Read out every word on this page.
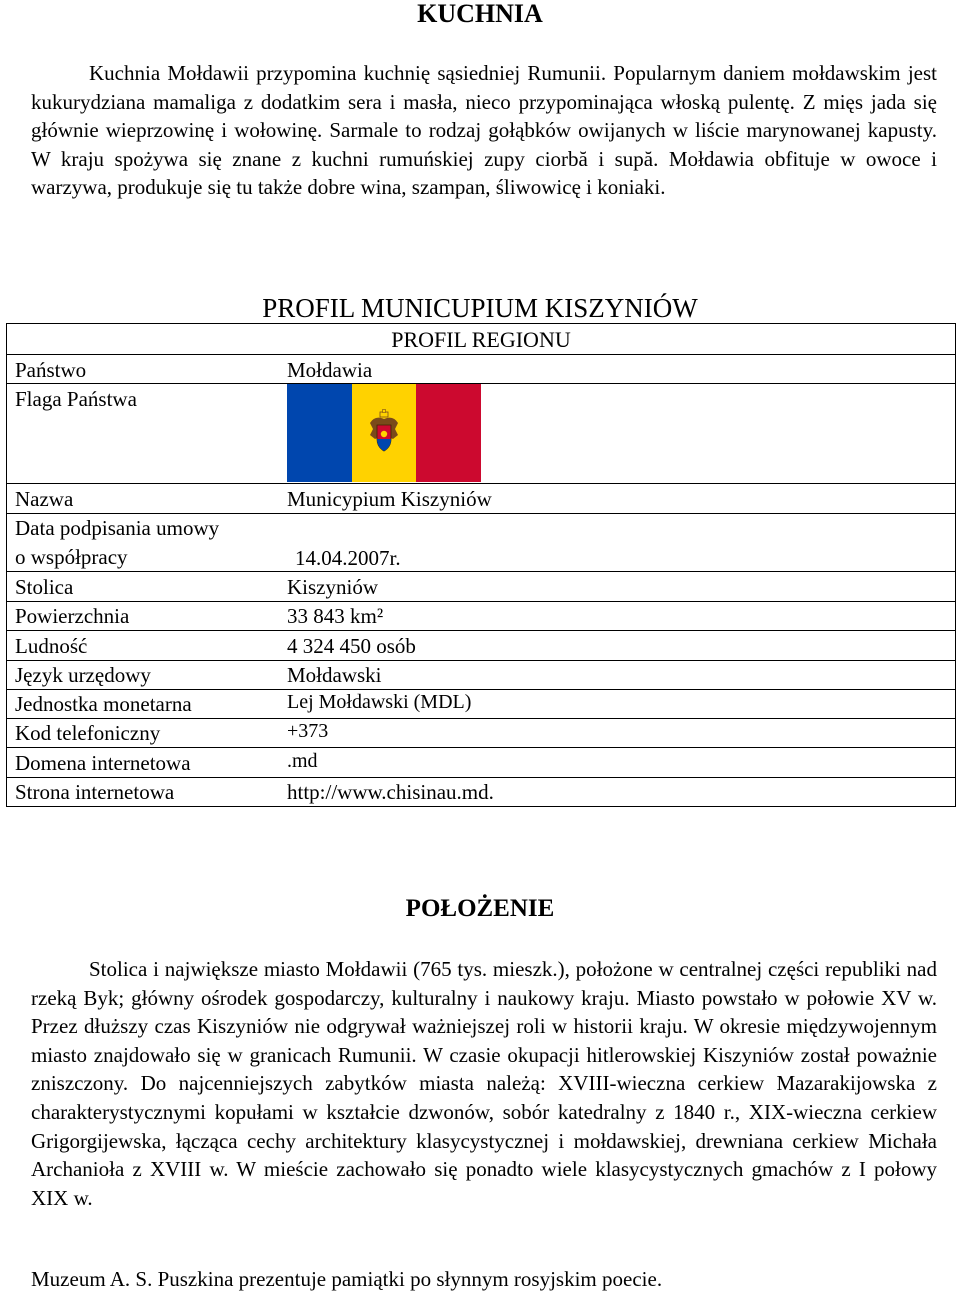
KUCHNIA
Kuchnia Mołdawii przypomina kuchnię sąsiedniej Rumunii. Popularnym daniem mołdawskim jest kukurydziana mamaliga z dodatkim sera i masła, nieco przypominająca włoską pulentę. Z mięs jada się głównie wieprzowinę i wołowinę. Sarmale to rodzaj gołąbków owijanych w liście marynowanej kapusty. W kraju spożywa się znane z kuchni rumuńskiej zupy ciorbă i supă. Mołdawia obfituje w owoce i warzywa, produkuje się tu także dobre wina, szampan, śliwowicę i koniaki.
PROFIL MUNICUPIUM KISZYNIÓW
PROFIL REGIONU
Państwo	Mołdawia
Flaga Państwa
Nazwa	Municypium Kiszyniów
Data podpisania umowy
o współpracy	14.04.2007r.
Stolica	Kiszyniów
Powierzchnia	33 843 km²
Ludność	4 324 450 osób
Język urzędowy	Mołdawski
Jednostka monetarna	Lej Mołdawski (MDL)
Kod telefoniczny	+373
Domena internetowa	.md
Strona internetowa	http://www.chisinau.md.
POŁOŻENIE
Stolica i największe miasto Mołdawii (765 tys. mieszk.), położone w centralnej części republiki nad rzeką Byk; główny ośrodek gospodarczy, kulturalny i naukowy kraju. Miasto powstało w połowie XV w. Przez dłuższy czas Kiszyniów nie odgrywał ważniejszej roli w historii kraju. W okresie międzywojennym miasto znajdowało się w granicach Rumunii. W czasie okupacji hitlerowskiej Kiszyniów został poważnie zniszczony. Do najcenniejszych zabytków miasta należą: XVIII-wieczna cerkiew Mazarakijowska z charakterystycznymi kopułami w kształcie dzwonów, sobór katedralny z 1840 r., XIX-wieczna cerkiew Grigorgijewska, łącząca cechy architektury klasycystycznej i mołdawskiej, drewniana cerkiew Michała Archanioła z XVIII w. W mieście zachowało się ponadto wiele klasycystycznych gmachów z I połowy XIX w.
Muzeum A. S. Puszkina prezentuje pamiątki po słynnym rosyjskim poecie.
